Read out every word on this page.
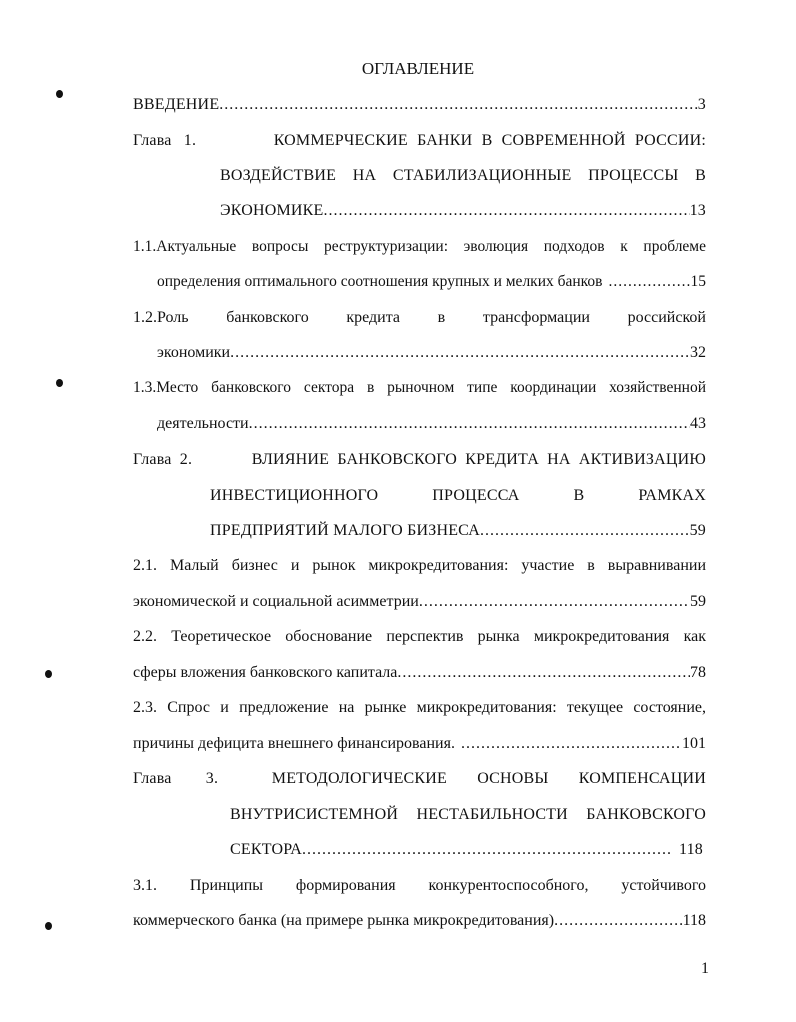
ОГЛАВЛЕНИЕ
ВВЕДЕНИЕ .....	3
Глава 1.	КОММЕРЧЕСКИЕ БАНКИ В СОВРЕМЕННОЙ РОССИИ:
ВОЗДЕЙСТВИЕ НА СТАБИЛИЗАЦИОННЫЕ ПРОЦЕССЫ В
ЭКОНОМИКЕ .....	13
1.1.Актуальные вопросы реструктуризации: эволюция подходов к проблеме
определения оптимального соотношения крупных и мелких банков .....	15
1.2.Роль банковского кредита в трансформации российской
экономики .....	32
1.3.Место банковского сектора в рыночном типе координации хозяйственной
деятельности .....	43
Глава 2.	ВЛИЯНИЕ БАНКОВСКОГО КРЕДИТА НА АКТИВИЗАЦИЮ
ИНВЕСТИЦИОННОГО ПРОЦЕССА В РАМКАХ
ПРЕДПРИЯТИЙ МАЛОГО БИЗНЕСА .....	59
2.1. Малый бизнес и рынок микрокредитования: участие в выравнивании
экономической и социальной асимметрии .....	59
2.2. Теоретическое обоснование перспектив рынка микрокредитования как
сферы вложения банковского капитала .....	78
2.3. Спрос и предложение на рынке микрокредитования: текущее состояние,
причины дефицита внешнего финансирования. .....	101
Глава 3.	МЕТОДОЛОГИЧЕСКИЕ ОСНОВЫ КОМПЕНСАЦИИ
ВНУТРИСИСТЕМНОЙ НЕСТАБИЛЬНОСТИ БАНКОВСКОГО
СЕКТОРА .....	118
3.1. Принципы формирования конкурентоспособного, устойчивого
коммерческого банка (на примере рынка микрокредитования) .....	118
1
